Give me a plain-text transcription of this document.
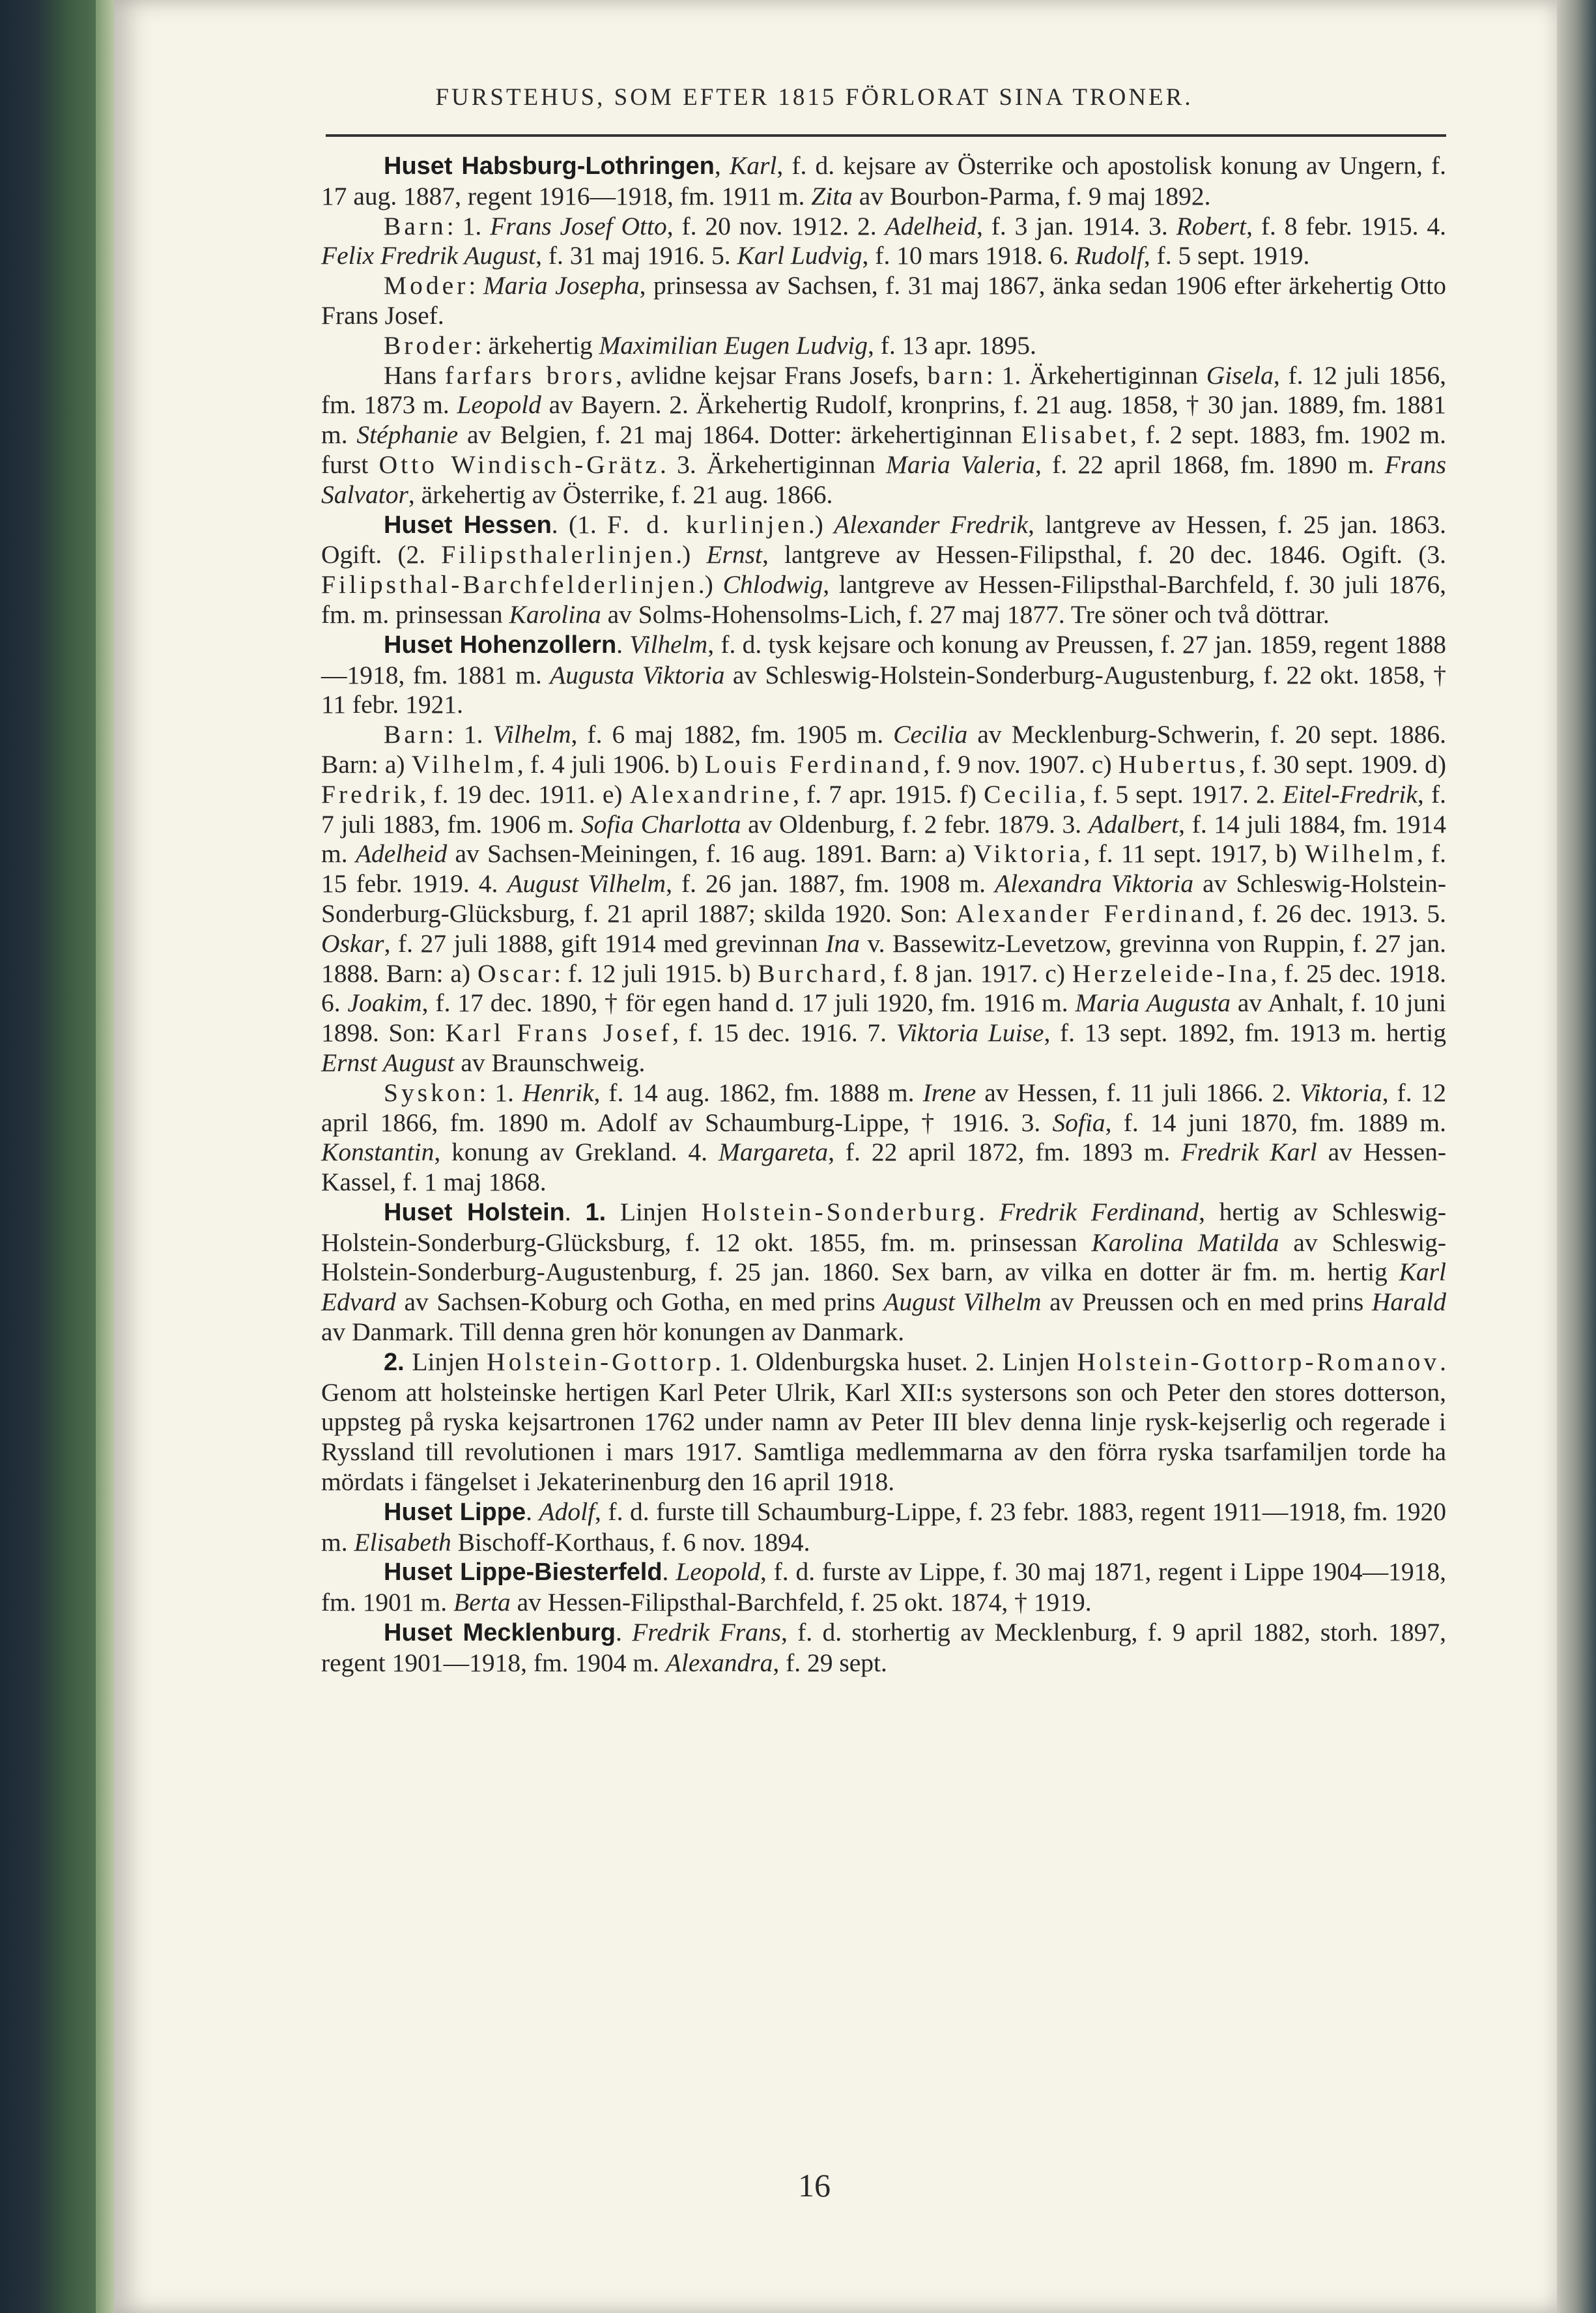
FURSTEHUS, SOM EFTER 1815 FÖRLORAT SINA TRONER.

Huset Habsburg-Lothringen, Karl, f. d. kejsare av Österrike och apostolisk konung av Ungern, f. 17 aug. 1887, regent 1916—1918, fm. 1911 m. Zita av Bourbon-Parma, f. 9 maj 1892.

Barn: 1. Frans Josef Otto, f. 20 nov. 1912. 2. Adelheid, f. 3 jan. 1914. 3. Robert, f. 8 febr. 1915. 4. Felix Fredrik August, f. 31 maj 1916. 5. Karl Ludvig, f. 10 mars 1918. 6. Rudolf, f. 5 sept. 1919.

Moder: Maria Josepha, prinsessa av Sachsen, f. 31 maj 1867, änka sedan 1906 efter ärkehertig Otto Frans Josef.

Broder: ärkehertig Maximilian Eugen Ludvig, f. 13 apr. 1895.

Hans farfars brors, avlidne kejsar Frans Josefs, barn: 1. Ärkehertiginnan Gisela, f. 12 juli 1856, fm. 1873 m. Leopold av Bayern. 2. Ärkehertig Rudolf, kronprins, f. 21 aug. 1858, † 30 jan. 1889, fm. 1881 m. Stéphanie av Belgien, f. 21 maj 1864. Dotter: ärkehertiginnan Elisabet, f. 2 sept. 1883, fm. 1902 m. furst Otto Windisch-Grätz. 3. Ärkehertiginnan Maria Valeria, f. 22 april 1868, fm. 1890 m. Frans Salvator, ärkehertig av Österrike, f. 21 aug. 1866.

Huset Hessen. (1. F. d. kurlinjen.) Alexander Fredrik, lantgreve av Hessen, f. 25 jan. 1863. Ogift. (2. Filipsthalerlinjen.) Ernst, lantgreve av Hessen-Filipsthal, f. 20 dec. 1846. Ogift. (3. Filipsthal-Barchfelderlinjen.) Chlodwig, lantgreve av Hessen-Filipsthal-Barchfeld, f. 30 juli 1876, fm. m. prinsessan Karolina av Solms-Hohensolms-Lich, f. 27 maj 1877. Tre söner och två döttrar.

Huset Hohenzollern. Vilhelm, f. d. tysk kejsare och konung av Preussen, f. 27 jan. 1859, regent 1888—1918, fm. 1881 m. Augusta Viktoria av Schleswig-Holstein-Sonderburg-Augustenburg, f. 22 okt. 1858, † 11 febr. 1921.

Barn: 1. Vilhelm, f. 6 maj 1882, fm. 1905 m. Cecilia av Mecklenburg-Schwerin, f. 20 sept. 1886. Barn: a) Vilhelm, f. 4 juli 1906. b) Louis Ferdinand, f. 9 nov. 1907. c) Hubertus, f. 30 sept. 1909. d) Fredrik, f. 19 dec. 1911. e) Alexandrine, f. 7 apr. 1915. f) Cecilia, f. 5 sept. 1917. 2. Eitel-Fredrik, f. 7 juli 1883, fm. 1906 m. Sofia Charlotta av Oldenburg, f. 2 febr. 1879. 3. Adalbert, f. 14 juli 1884, fm. 1914 m. Adelheid av Sachsen-Meiningen, f. 16 aug. 1891. Barn: a) Viktoria, f. 11 sept. 1917, b) Wilhelm, f. 15 febr. 1919. 4. August Vilhelm, f. 26 jan. 1887, fm. 1908 m. Alexandra Viktoria av Schleswig-Holstein-Sonderburg-Glücksburg, f. 21 april 1887; skilda 1920. Son: Alexander Ferdinand, f. 26 dec. 1913. 5. Oskar, f. 27 juli 1888, gift 1914 med grevinnan Ina v. Bassewitz-Levetzow, grevinna von Ruppin, f. 27 jan. 1888. Barn: a) Oscar: f. 12 juli 1915. b) Burchard, f. 8 jan. 1917. c) Herzeleide-Ina, f. 25 dec. 1918. 6. Joakim, f. 17 dec. 1890, † för egen hand d. 17 juli 1920, fm. 1916 m. Maria Augusta av Anhalt, f. 10 juni 1898. Son: Karl Frans Josef, f. 15 dec. 1916. 7. Viktoria Luise, f. 13 sept. 1892, fm. 1913 m. hertig Ernst August av Braunschweig.

Syskon: 1. Henrik, f. 14 aug. 1862, fm. 1888 m. Irene av Hessen, f. 11 juli 1866. 2. Viktoria, f. 12 april 1866, fm. 1890 m. Adolf av Schaumburg-Lippe, † 1916. 3. Sofia, f. 14 juni 1870, fm. 1889 m. Konstantin, konung av Grekland. 4. Margareta, f. 22 april 1872, fm. 1893 m. Fredrik Karl av Hessen-Kassel, f. 1 maj 1868.

Huset Holstein. 1. Linjen Holstein-Sonderburg. Fredrik Ferdinand, hertig av Schleswig-Holstein-Sonderburg-Glücksburg, f. 12 okt. 1855, fm. m. prinsessan Karolina Matilda av Schleswig-Holstein-Sonderburg-Augustenburg, f. 25 jan. 1860. Sex barn, av vilka en dotter är fm. m. hertig Karl Edvard av Sachsen-Koburg och Gotha, en med prins August Vilhelm av Preussen och en med prins Harald av Danmark. Till denna gren hör konungen av Danmark.

2. Linjen Holstein-Gottorp. 1. Oldenburgska huset. 2. Linjen Holstein-Gottorp-Romanov. Genom att holsteinske hertigen Karl Peter Ulrik, Karl XII:s systersons son och Peter den stores dotterson, uppsteg på ryska kejsartronen 1762 under namn av Peter III blev denna linje rysk-kejserlig och regerade i Ryssland till revolutionen i mars 1917. Samtliga medlemmarna av den förra ryska tsarfamiljen torde ha mördats i fängelset i Jekaterinenburg den 16 april 1918.

Huset Lippe. Adolf, f. d. furste till Schaumburg-Lippe, f. 23 febr. 1883, regent 1911—1918, fm. 1920 m. Elisabeth Bischoff-Korthaus, f. 6 nov. 1894.

Huset Lippe-Biesterfeld. Leopold, f. d. furste av Lippe, f. 30 maj 1871, regent i Lippe 1904—1918, fm. 1901 m. Berta av Hessen-Filipsthal-Barchfeld, f. 25 okt. 1874, † 1919.

Huset Mecklenburg. Fredrik Frans, f. d. storhertig av Mecklenburg, f. 9 april 1882, storh. 1897, regent 1901—1918, fm. 1904 m. Alexandra, f. 29 sept.

16
